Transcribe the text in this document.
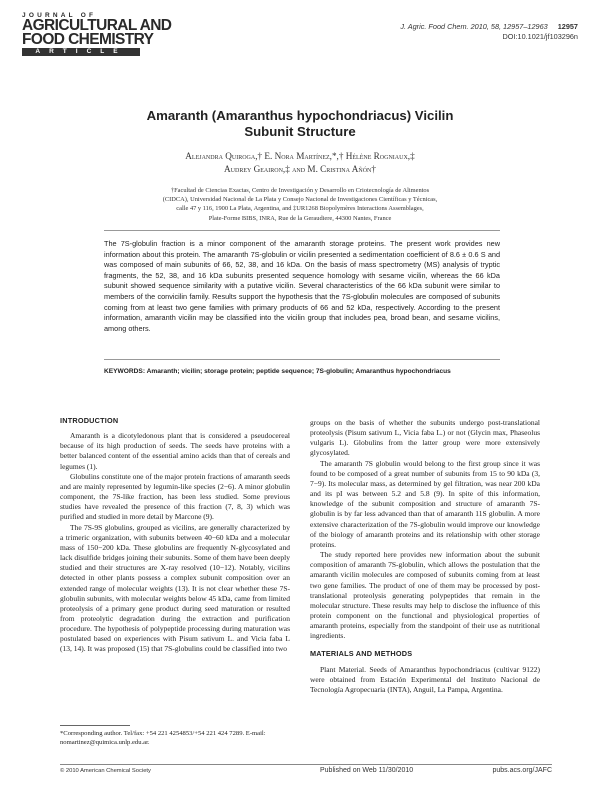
JOURNAL OF
AGRICULTURAL AND
FOOD CHEMISTRY
ARTICLE
J. Agric. Food Chem. 2010, 58, 12957–12963 12957
DOI:10.1021/jf103296n
Amaranth (Amaranthus hypochondriacus) Vicilin
Subunit Structure
Alejandra Quiroga,† E. Nora Martínez,*,† Hélène Rogniaux,‡
Audrey Geairon,‡ and M. Cristina Añón†
†Facultad de Ciencias Exactas, Centro de Investigación y Desarrollo en Criotecnología de Alimentos
(CIDCA), Universidad Nacional de La Plata y Consejo Nacional de Investigaciones Científicas y Técnicas,
calle 47 y 116, 1900 La Plata, Argentina, and ‡UR1268 Biopolymères Interactions Assemblages,
Plate-Forme BIBS, INRA, Rue de la Geraudiere, 44300 Nantes, France
The 7S-globulin fraction is a minor component of the amaranth storage proteins. The present work provides new information about this protein. The amaranth 7S-globulin or vicilin presented a sedimentation coefficient of 8.6 ± 0.6 S and was composed of main subunits of 66, 52, 38, and 16 kDa. On the basis of mass spectrometry (MS) analysis of tryptic fragments, the 52, 38, and 16 kDa subunits presented sequence homology with sesame vicilin, whereas the 66 kDa subunit showed sequence similarity with a putative vicilin. Several characteristics of the 66 kDa subunit were similar to members of the convicilin family. Results support the hypothesis that the 7S-globulin molecules are composed of subunits coming from at least two gene families with primary products of 66 and 52 kDa, respectively. According to the present information, amaranth vicilin may be classified into the vicilin group that includes pea, broad bean, and sesame vicilins, among others.
KEYWORDS: Amaranth; vicilin; storage protein; peptide sequence; 7S-globulin; Amaranthus hypochondriacus
INTRODUCTION

Amaranth is a dicotyledonous plant that is considered a pseudocereal because of its high production of seeds. The seeds have proteins with a better balanced content of the essential amino acids than that of cereals and legumes (1).

Globulins constitute one of the major protein fractions of amaranth seeds and are mainly represented by legumin-like species (2−6). A minor globulin component, the 7S-like fraction, has been less studied. Some previous studies have revealed the presence of this fraction (7, 8, 3) which was purified and studied in more detail by Marcone (9).

The 7S-9S globulins, grouped as vicilins, are generally characterized by a trimeric organization, with subunits between 40−60 kDa and a molecular mass of 150−200 kDa. These globulins are frequently N-glycosylated and lack disulfide bridges joining their subunits. Some of them have been deeply studied and their structures are X-ray resolved (10−12). Notably, vicilins detected in other plants possess a complex subunit composition over an extended range of molecular weights (13). It is not clear whether these 7S-globulin subunits, with molecular weights below 45 kDa, came from limited proteolysis of a primary gene product during seed maturation or resulted from proteolytic degradation during the extraction and purification procedure. The hypothesis of polypeptide processing during maturation was postulated based on experiences with Pisum sativum L. and Vicia faba L (13, 14). It was proposed (15) that 7S-globulins could be classified into two

groups on the basis of whether the subunits undergo post-translational proteolysis (Pisum sativum L, Vicia faba L.) or not (Glycin max, Phaseolus vulgaris L). Globulins from the latter group were more extensively glycosylated.

The amaranth 7S globulin would belong to the first group since it was found to be composed of a great number of subunits from 15 to 90 kDa (3, 7−9). Its molecular mass, as determined by gel filtration, was near 200 kDa and its pI was between 5.2 and 5.8 (9). In spite of this information, knowledge of the subunit composition and structure of amaranth 7S-globulin is by far less advanced than that of amaranth 11S globulin. A more extensive characterization of the 7S-globulin would improve our knowledge of the biology of amaranth proteins and its relationship with other storage proteins.

The study reported here provides new information about the subunit composition of amaranth 7S-globulin, which allows the postulation that the amaranth vicilin molecules are composed of subunits coming from at least two gene families. The product of one of them may be processed by post-translational proteolysis generating polypeptides that remain in the molecular structure. These results may help to disclose the influence of this protein component on the functional and physiological properties of amaranth proteins, especially from the standpoint of their use as nutritional ingredients.

MATERIALS AND METHODS

Plant Material. Seeds of Amaranthus hypochondriacus (cultivar 9122) were obtained from Estación Experimental del Instituto Nacional de Tecnología Agropecuaria (INTA), Anguil, La Pampa, Argentina.

*Corresponding author. Tel/fax: +54 221 4254853/+54 221 424 7289. E-mail: nomartinez@quimica.unlp.edu.ar.
© 2010 American Chemical Society	Published on Web 11/30/2010	pubs.acs.org/JAFC
